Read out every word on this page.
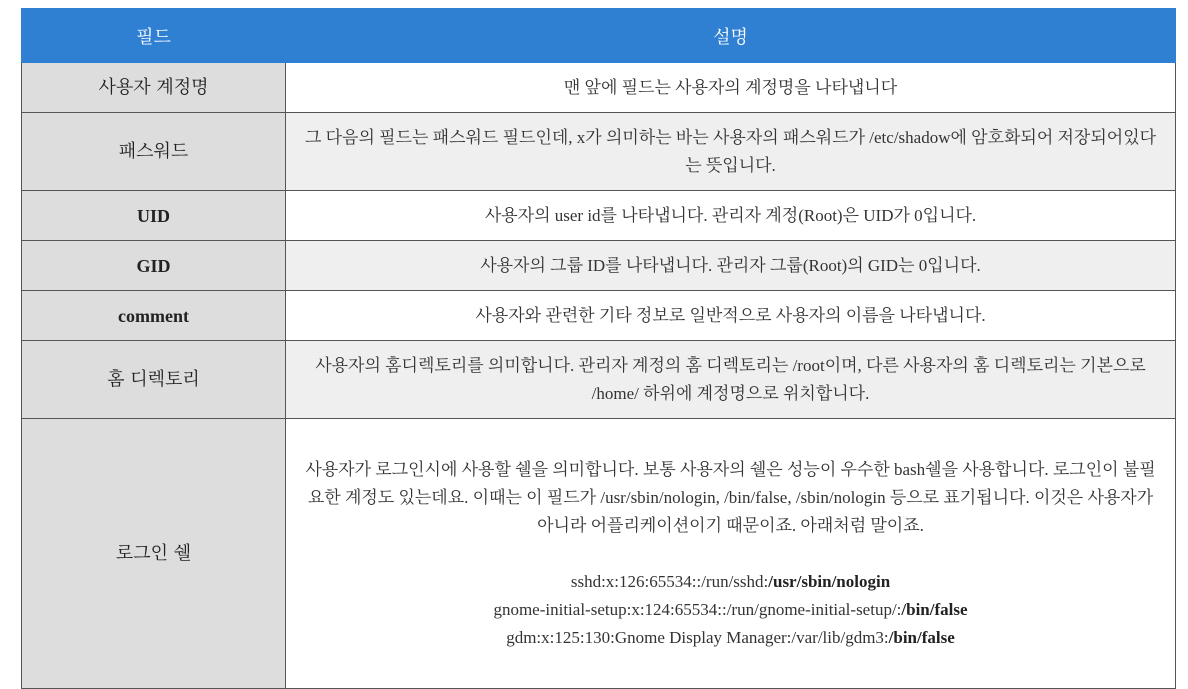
필드	설명
사용자 계정명	맨 앞에 필드는 사용자의 계정명을 나타냅니다
패스워드	그 다음의 필드는 패스워드 필드인데, x가 의미하는 바는 사용자의 패스워드가 /etc/shadow에 암호화되어 저장되어있다는 뜻입니다.
UID	사용자의 user id를 나타냅니다. 관리자 계정(Root)은 UID가 0입니다.
GID	사용자의 그룹 ID를 나타냅니다. 관리자 그룹(Root)의 GID는 0입니다.
comment	사용자와 관련한 기타 정보로 일반적으로 사용자의 이름을 나타냅니다.
홈 디렉토리	사용자의 홈디렉토리를 의미합니다. 관리자 계정의 홈 디렉토리는 /root이며, 다른 사용자의 홈 디렉토리는 기본으로 /home/ 하위에 계정명으로 위치합니다.
로그인 쉘	사용자가 로그인시에 사용할 쉘을 의미합니다. 보통 사용자의 쉘은 성능이 우수한 bash쉘을 사용합니다. 로그인이 불필요한 계정도 있는데요. 이때는 이 필드가 /usr/sbin/nologin, /bin/false, /sbin/nologin 등으로 표기됩니다. 이것은 사용자가 아니라 어플리케이션이기 때문이죠. 아래처럼 말이죠.
sshd:x:126:65534::/run/sshd:/usr/sbin/nologin
gnome-initial-setup:x:124:65534::/run/gnome-initial-setup/:/bin/false
gdm:x:125:130:Gnome Display Manager:/var/lib/gdm3:/bin/false
